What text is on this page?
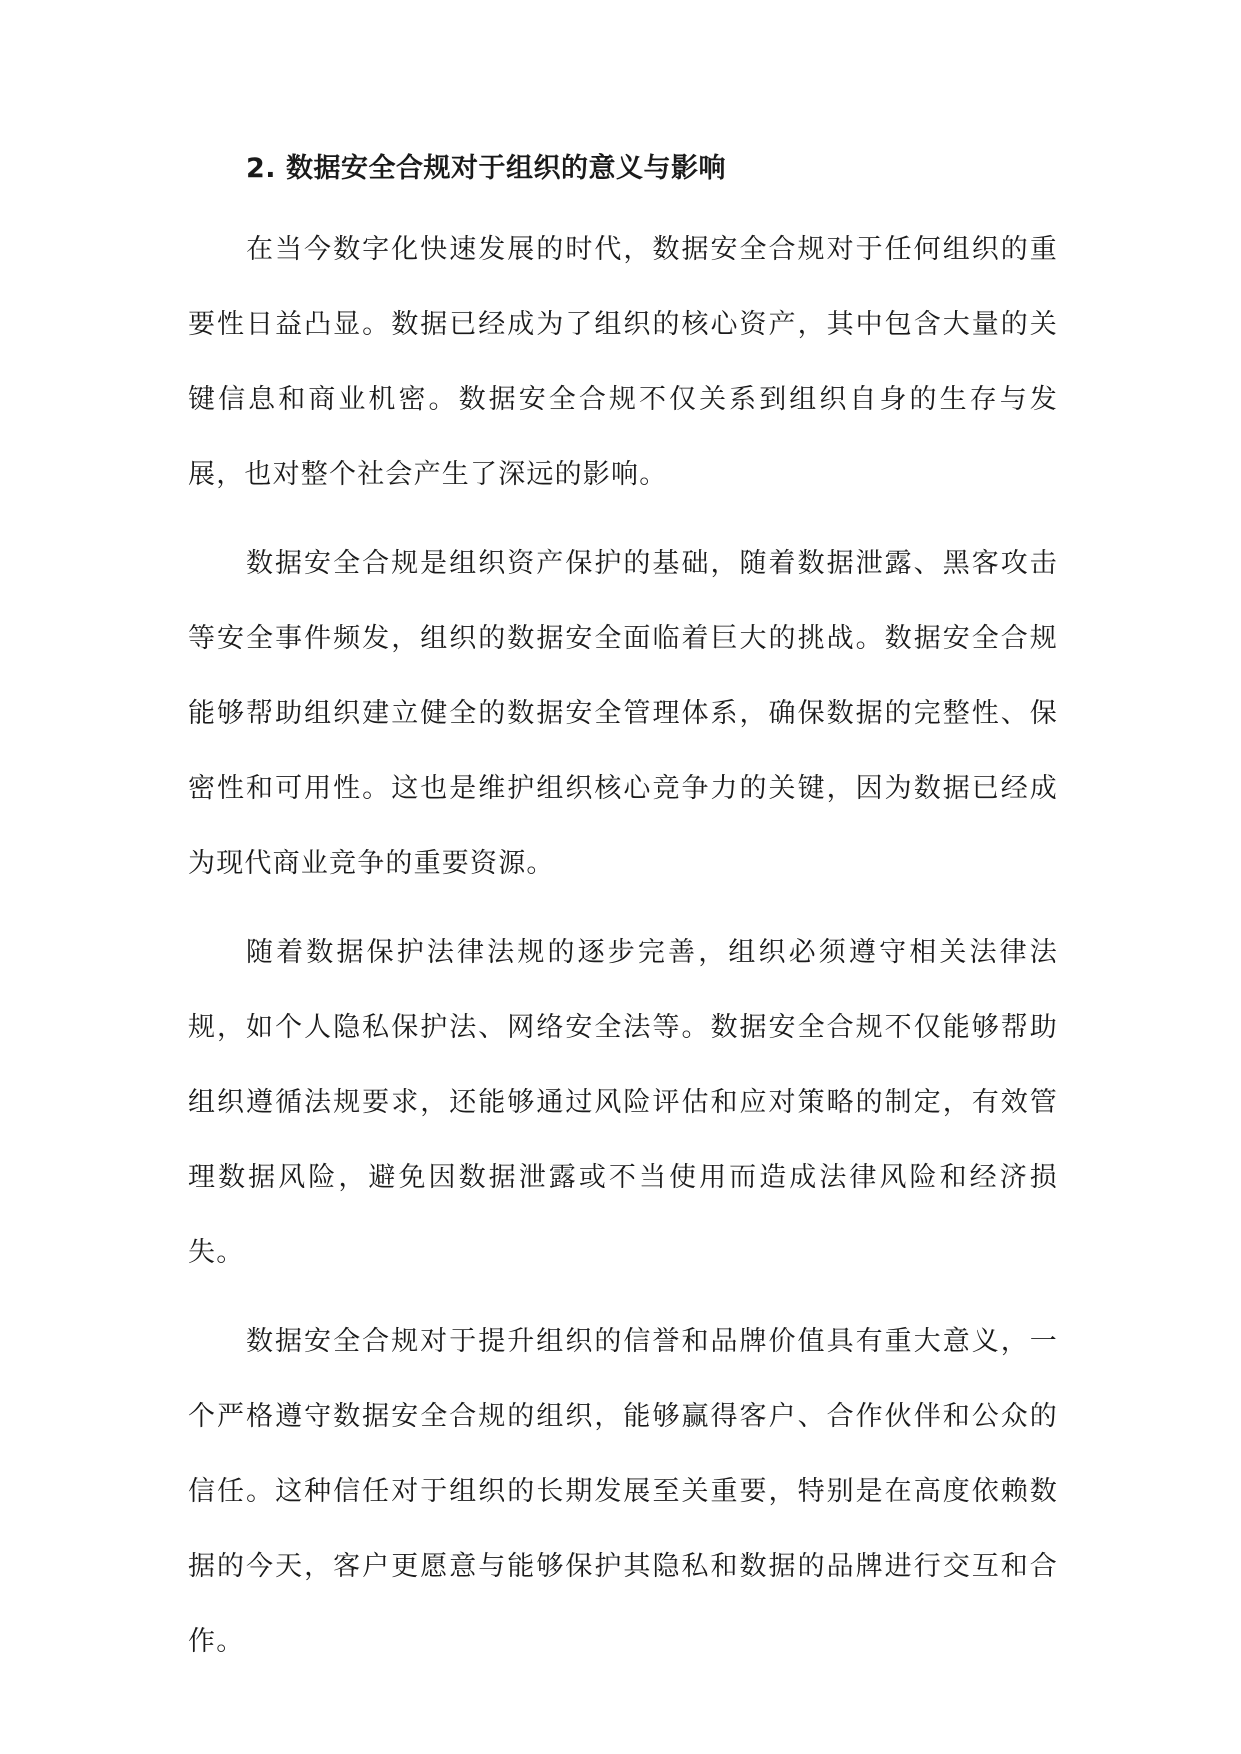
2. 数据安全合规对于组织的意义与影响

在当今数字化快速发展的时代，数据安全合规对于任何组织的重要性日益凸显。数据已经成为了组织的核心资产，其中包含大量的关键信息和商业机密。数据安全合规不仅关系到组织自身的生存与发展，也对整个社会产生了深远的影响。

数据安全合规是组织资产保护的基础，随着数据泄露、黑客攻击等安全事件频发，组织的数据安全面临着巨大的挑战。数据安全合规能够帮助组织建立健全的数据安全管理体系，确保数据的完整性、保密性和可用性。这也是维护组织核心竞争力的关键，因为数据已经成为现代商业竞争的重要资源。

随着数据保护法律法规的逐步完善，组织必须遵守相关法律法规，如个人隐私保护法、网络安全法等。数据安全合规不仅能够帮助组织遵循法规要求，还能够通过风险评估和应对策略的制定，有效管理数据风险，避免因数据泄露或不当使用而造成法律风险和经济损失。

数据安全合规对于提升组织的信誉和品牌价值具有重大意义，一个严格遵守数据安全合规的组织，能够赢得客户、合作伙伴和公众的信任。这种信任对于组织的长期发展至关重要，特别是在高度依赖数据的今天，客户更愿意与能够保护其隐私和数据的品牌进行交互和合作。
